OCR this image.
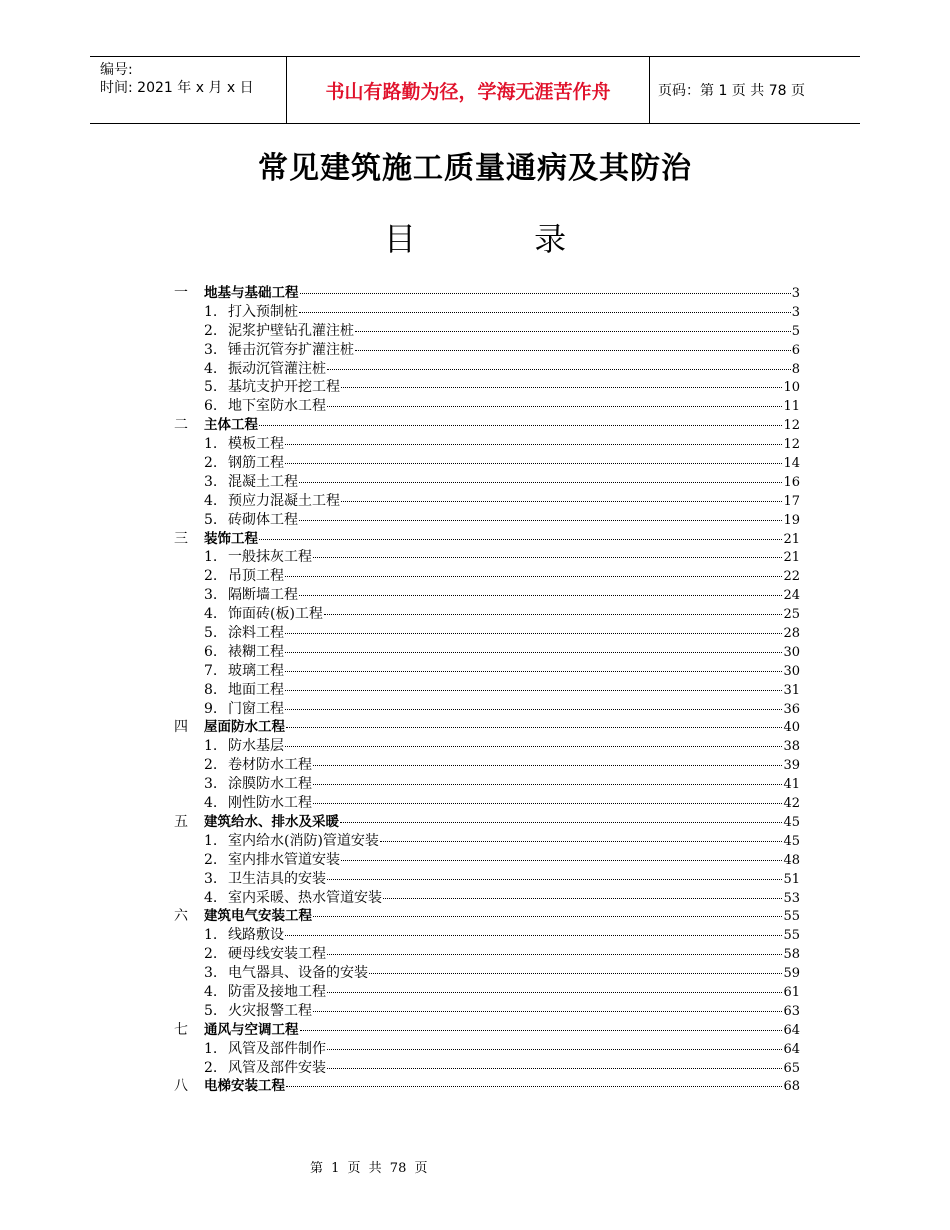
编号:
时间: 2021 年 x 月 x 日	书山有路勤为径，学海无涯苦作舟	页码：第 1 页 共 78 页
常见建筑施工质量通病及其防治
目 录
一	地基与基础工程	3
1. 打入预制桩	3
2. 泥浆护壁钻孔灌注桩	5
3. 锤击沉管夯扩灌注桩	6
4. 振动沉管灌注桩	8
5. 基坑支护开挖工程	10
6. 地下室防水工程	11
二	主体工程	12
1. 模板工程	12
2. 钢筋工程	14
3. 混凝土工程	16
4. 预应力混凝土工程	17
5. 砖砌体工程	19
三	装饰工程	21
1. 一般抹灰工程	21
2. 吊顶工程	22
3. 隔断墙工程	24
4. 饰面砖(板)工程	25
5. 涂料工程	28
6. 裱糊工程	30
7. 玻璃工程	30
8. 地面工程	31
9. 门窗工程	36
四	屋面防水工程	40
1. 防水基层	38
2. 卷材防水工程	39
3. 涂膜防水工程	41
4. 刚性防水工程	42
五	建筑给水、排水及采暖	45
1. 室内给水(消防)管道安装	45
2. 室内排水管道安装	48
3. 卫生洁具的安装	51
4. 室内采暖、热水管道安装	53
六	建筑电气安装工程	55
1. 线路敷设	55
2. 硬母线安装工程	58
3. 电气器具、设备的安装	59
4. 防雷及接地工程	61
5. 火灾报警工程	63
七	通风与空调工程	64
1. 风管及部件制作	64
2. 风管及部件安装	65
八	电梯安装工程	68
第 1 页 共 78 页
